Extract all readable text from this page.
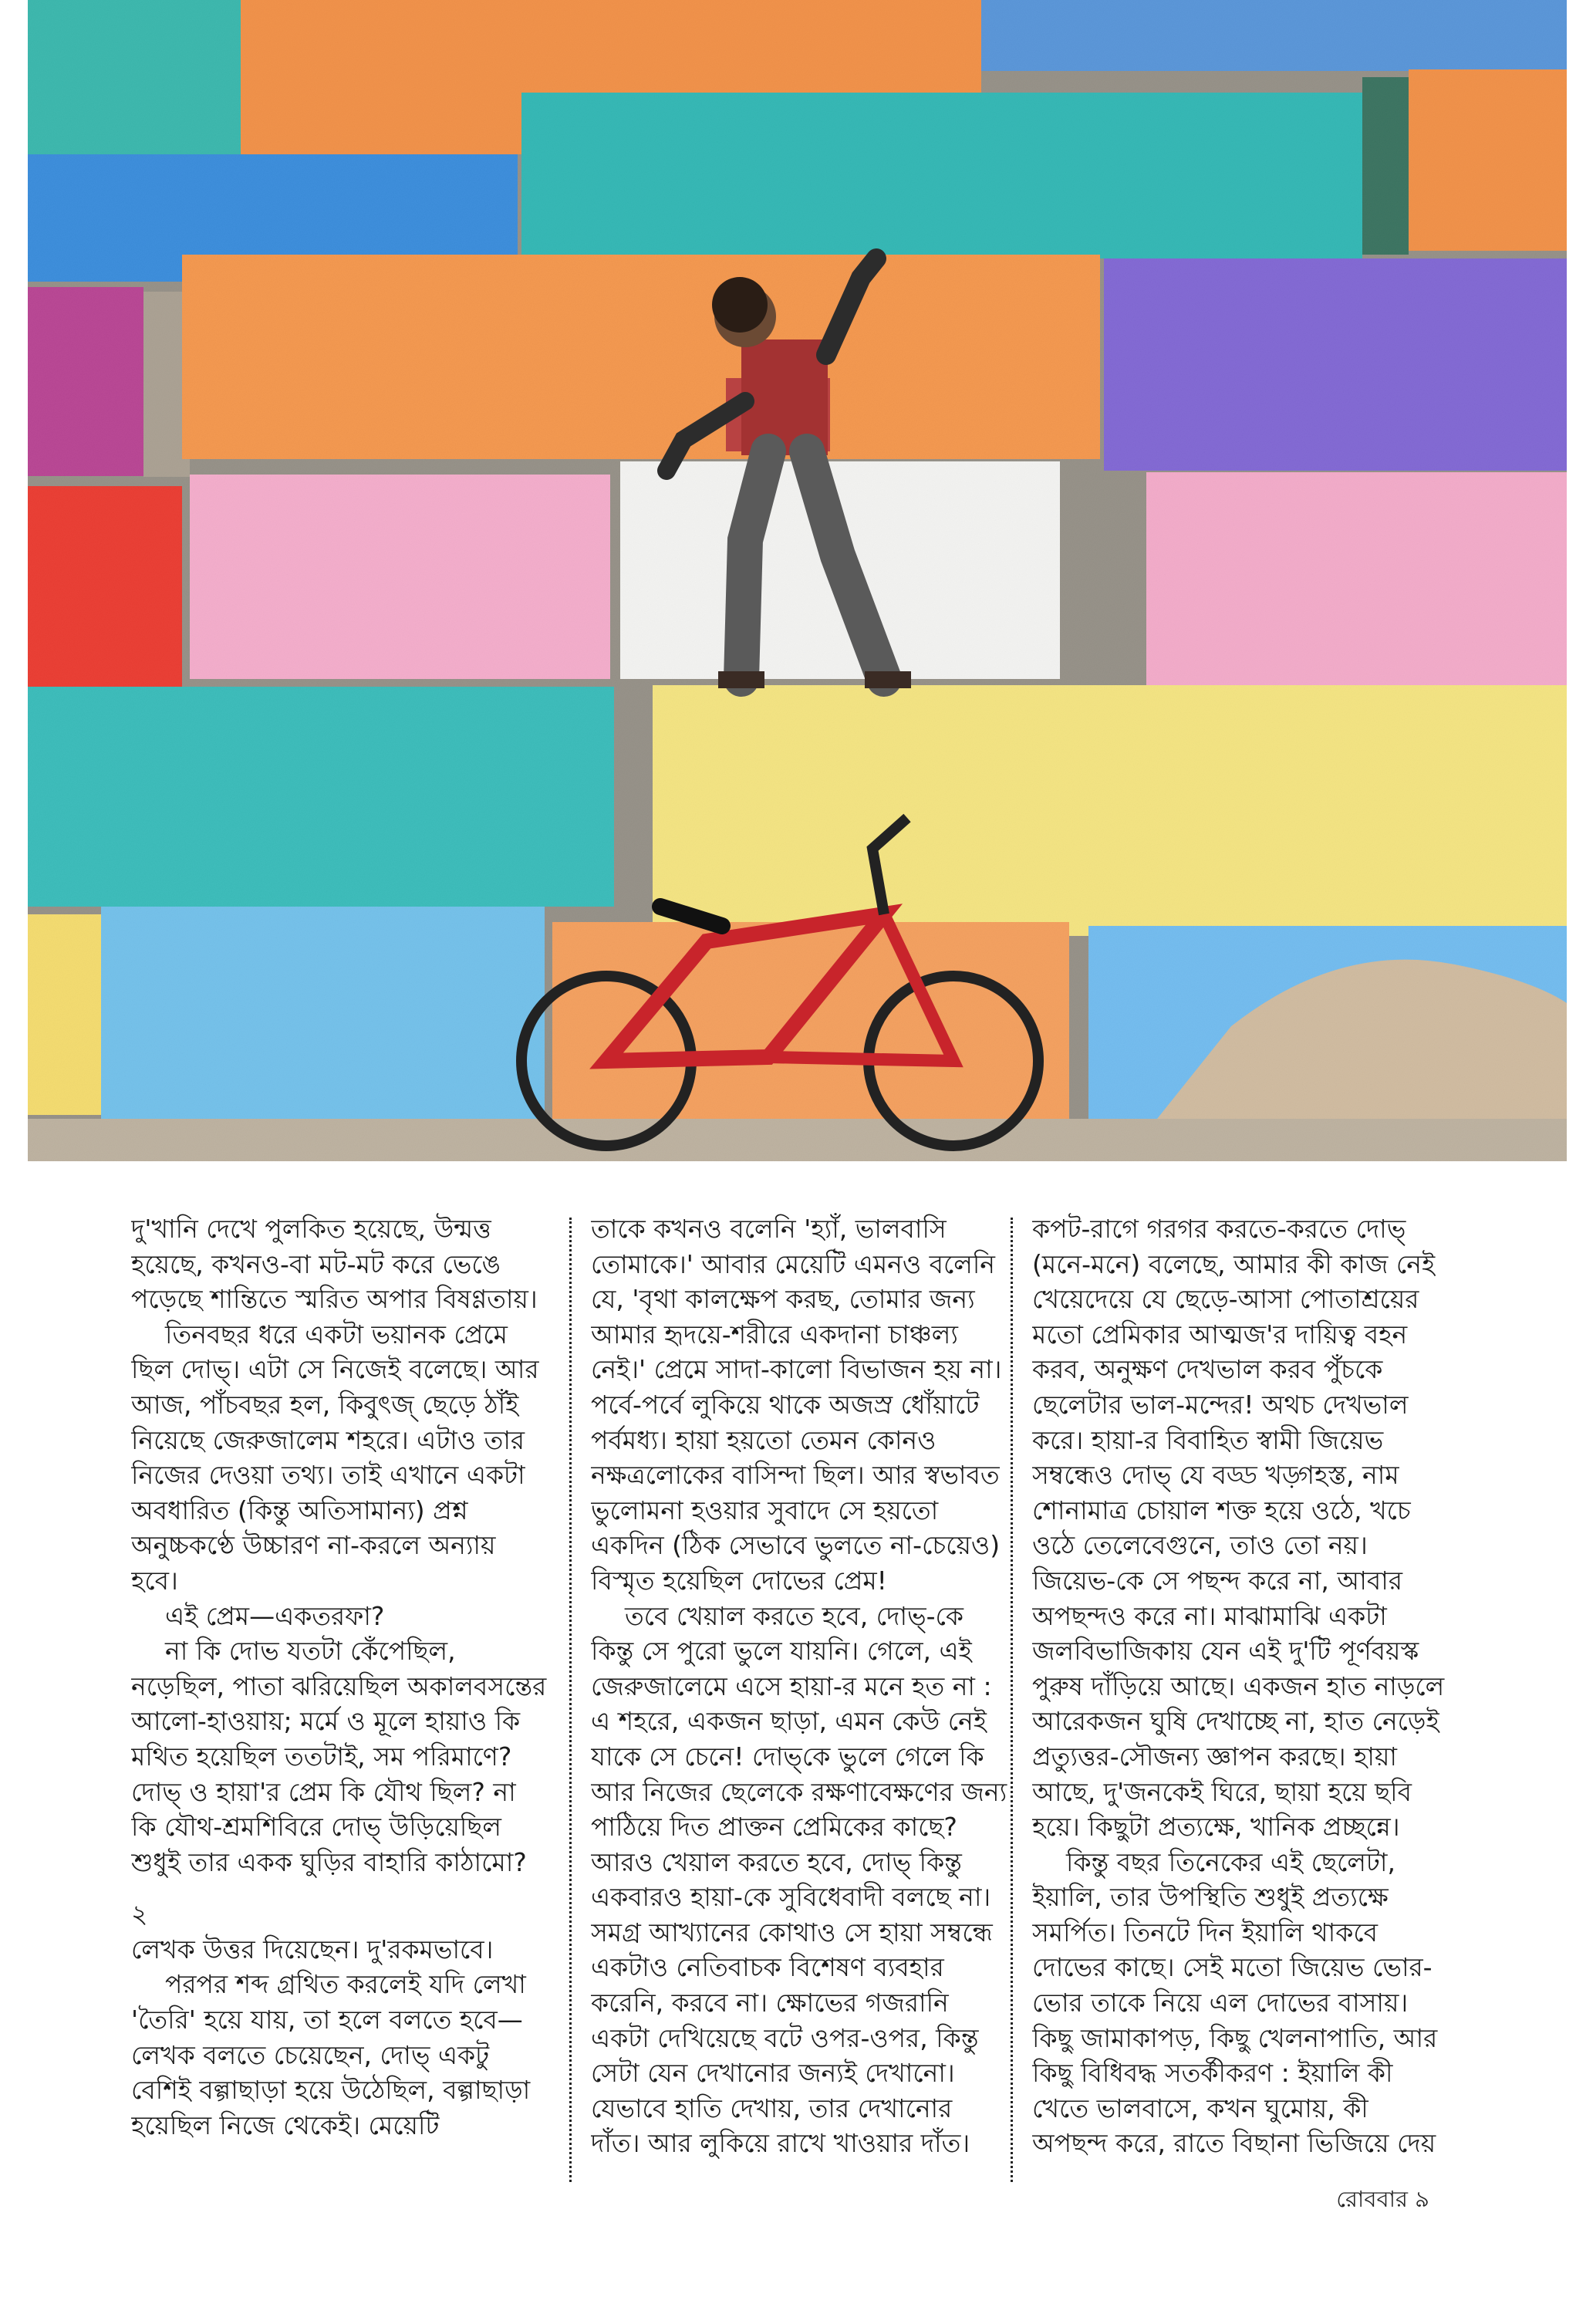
দু'খানি দেখে পুলকিত হয়েছে, উন্মত্ত হয়েছে, কখনও-বা মট-মট করে ভেঙে পড়েছে শান্তিতে স্মরিত অপার বিষণ্ণতায়।

তিনবছর ধরে একটা ভয়ানক প্রেমে ছিল দোভ্। এটা সে নিজেই বলেছে। আর আজ, পাঁচবছর হল, কিবুৎজ্ ছেড়ে ঠাঁই নিয়েছে জেরুজালেম শহরে। এটাও তার নিজের দেওয়া তথ্য। তাই এখানে একটা অবধারিত (কিন্তু অতিসামান্য) প্রশ্ন অনুচ্চকণ্ঠে উচ্চারণ না-করলে অন্যায় হবে।

এই প্রেম—একতরফা?

না কি দোভ যতটা কেঁপেছিল, নড়েছিল, পাতা ঝরিয়েছিল অকালবসন্তের আলো-হাওয়ায়; মর্মে ও মূলে হায়াও কি মথিত হয়েছিল ততটাই, সম পরিমাণে? দোভ্ ও হায়া'র প্রেম কি যৌথ ছিল? না কি যৌথ-শ্রমশিবিরে দোভ্ উড়িয়েছিল শুধুই তার একক ঘুড়ির বাহারি কাঠামো?

২

লেখক উত্তর দিয়েছেন। দু'রকমভাবে।

পরপর শব্দ গ্রথিত করলেই যদি লেখা 'তৈরি' হয়ে যায়, তা হলে বলতে হবে—লেখক বলতে চেয়েছেন, দোভ্ একটু বেশিই বল্গাছাড়া হয়ে উঠেছিল, বল্গাছাড়া হয়েছিল নিজে থেকেই। মেয়েটি

তাকে কখনও বলেনি 'হ্যাঁ, ভালবাসি তোমাকে।' আবার মেয়েটি এমনও বলেনি যে, 'বৃথা কালক্ষেপ করছ, তোমার জন্য আমার হৃদয়ে-শরীরে একদানা চাঞ্চল্য নেই।' প্রেমে সাদা-কালো বিভাজন হয় না। পর্বে-পর্বে লুকিয়ে থাকে অজস্র ধোঁয়াটে পর্বমধ্য। হায়া হয়তো তেমন কোনও নক্ষত্রলোকের বাসিন্দা ছিল। আর স্বভাবত ভুলোমনা হওয়ার সুবাদে সে হয়তো একদিন (ঠিক সেভাবে ভুলতে না-চেয়েও) বিস্মৃত হয়েছিল দোভের প্রেম!

তবে খেয়াল করতে হবে, দোভ্-কে কিন্তু সে পুরো ভুলে যায়নি। গেলে, এই জেরুজালেমে এসে হায়া-র মনে হত না : এ শহরে, একজন ছাড়া, এমন কেউ নেই যাকে সে চেনে! দোভ্‌কে ভুলে গেলে কি আর নিজের ছেলেকে রক্ষণাবেক্ষণের জন্য পাঠিয়ে দিত প্রাক্তন প্রেমিকের কাছে? আরও খেয়াল করতে হবে, দোভ্ কিন্তু একবারও হায়া-কে সুবিধেবাদী বলছে না। সমগ্র আখ্যানের কোথাও সে হায়া সম্বন্ধে একটাও নেতিবাচক বিশেষণ ব্যবহার করেনি, করবে না। ক্ষোভের গজরানি একটা দেখিয়েছে বটে ওপর-ওপর, কিন্তু সেটা যেন দেখানোর জন্যই দেখানো। যেভাবে হাতি দেখায়, তার দেখানোর দাঁত। আর লুকিয়ে রাখে খাওয়ার দাঁত।

কপট-রাগে গরগর করতে-করতে দোভ্ (মনে-মনে) বলেছে, আমার কী কাজ নেই খেয়েদেয়ে যে ছেড়ে-আসা পোতাশ্রয়ের মতো প্রেমিকার আত্মজ'র দায়িত্ব বহন করব, অনুক্ষণ দেখভাল করব পুঁচকে ছেলেটার ভাল-মন্দের! অথচ দেখভাল করে। হায়া-র বিবাহিত স্বামী জিয়েভ সম্বন্ধেও দোভ্ যে বড্ড খড়্গহস্ত, নাম শোনামাত্র চোয়াল শক্ত হয়ে ওঠে, খচে ওঠে তেলেবেগুনে, তাও তো নয়। জিয়েভ-কে সে পছন্দ করে না, আবার অপছন্দও করে না। মাঝামাঝি একটা জলবিভাজিকায় যেন এই দু'টি পূর্ণবয়স্ক পুরুষ দাঁড়িয়ে আছে। একজন হাত নাড়লে আরেকজন ঘুষি দেখাচ্ছে না, হাত নেড়েই প্রত্যুত্তর-সৌজন্য জ্ঞাপন করছে। হায়া আছে, দু'জনকেই ঘিরে, ছায়া হয়ে ছবি হয়ে। কিছুটা প্রত্যক্ষে, খানিক প্রচ্ছন্নে।

কিন্তু বছর তিনেকের এই ছেলেটা, ইয়ালি, তার উপস্থিতি শুধুই প্রত্যক্ষে সমর্পিত। তিনটে দিন ইয়ালি থাকবে দোভের কাছে। সেই মতো জিয়েভ ভোর-ভোর তাকে নিয়ে এল দোভের বাসায়। কিছু জামাকাপড়, কিছু খেলনাপাতি, আর কিছু বিধিবদ্ধ সতর্কীকরণ : ইয়ালি কী খেতে ভালবাসে, কখন ঘুমোয়, কী অপছন্দ করে, রাতে বিছানা ভিজিয়ে দেয়

রোববার ৯
